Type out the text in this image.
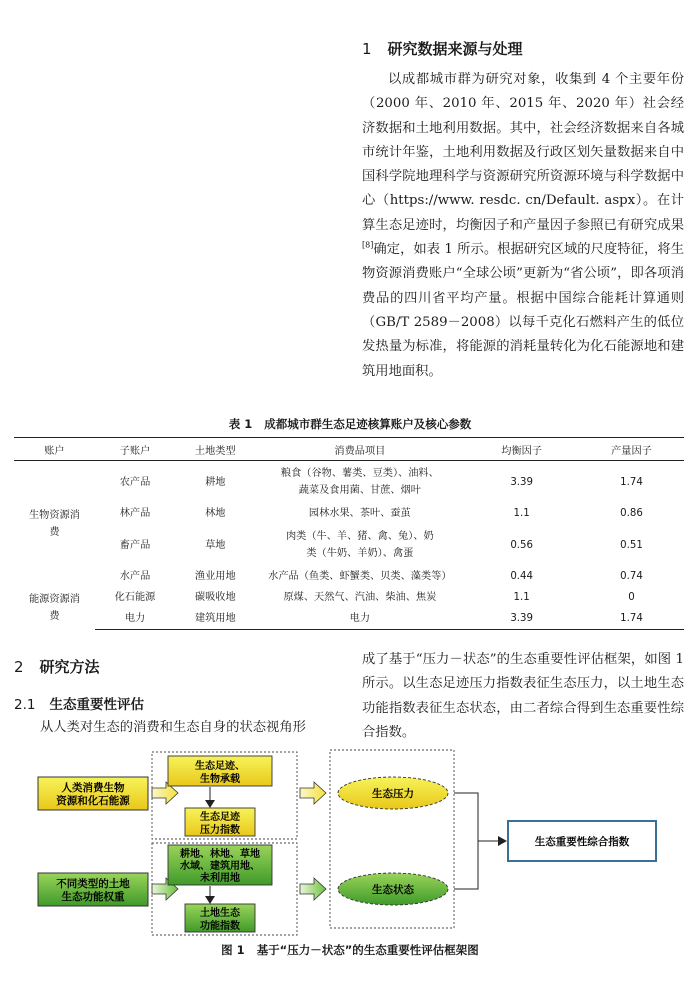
1 研究数据来源与处理
以成都城市群为研究对象，收集到 4 个主要年份（2000 年、2010 年、2015 年、2020 年）社会经济数据和土地利用数据。其中，社会经济数据来自各城市统计年鉴，土地利用数据及行政区划矢量数据来自中国科学院地理科学与资源研究所资源环境与科学数据中心（https://www. resdc. cn/Default. aspx）。在计算生态足迹时，均衡因子和产量因子参照已有研究成果[8]确定，如表 1 所示。根据研究区域的尺度特征，将生物资源消费账户“全球公顷”更新为“省公顷”，即各项消费品的四川省平均产量。根据中国综合能耗计算通则（GB/T 2589－2008）以每千克化石燃料产生的低位发热量为标准，将能源的消耗量转化为化石能源地和建筑用地面积。
表 1 成都城市群生态足迹核算账户及核心参数
账户	子账户	土地类型	消费品项目	均衡因子	产量因子
生物资源消费	农产品	耕地	粮食（谷物、薯类、豆类）、油料、蔬菜及食用菌、甘蔗、烟叶	3.39	1.74
	林产品	林地	园林水果、茶叶、蚕茧	1.1	0.86
	畜产品	草地	肉类（牛、羊、猪、禽、兔）、奶类（牛奶、羊奶）、禽蛋	0.56	0.51
	水产品	渔业用地	水产品（鱼类、虾蟹类、贝类、藻类等）	0.44	0.74
能源资源消费	化石能源	碳吸收地	原煤、天然气、汽油、柴油、焦炭	1.1	0
	电力	建筑用地	电力	3.39	1.74
2 研究方法
2.1 生态重要性评估
从人类对生态的消费和生态自身的状态视角形
成了基于“压力－状态”的生态重要性评估框架，如图 1 所示。以生态足迹压力指数表征生态压力，以土地生态功能指数表征生态状态，由二者综合得到生态重要性综合指数。
人类消费生物
资源和化石能源
不同类型的土地
生态功能权重
生态足迹、
生物承载
生态足迹
压力指数
耕地、林地、草地
水域、建筑用地、
未利用地
土地生态
功能指数
生态压力
生态状态
生态重要性综合指数
图 1 基于“压力－状态”的生态重要性评估框架图
